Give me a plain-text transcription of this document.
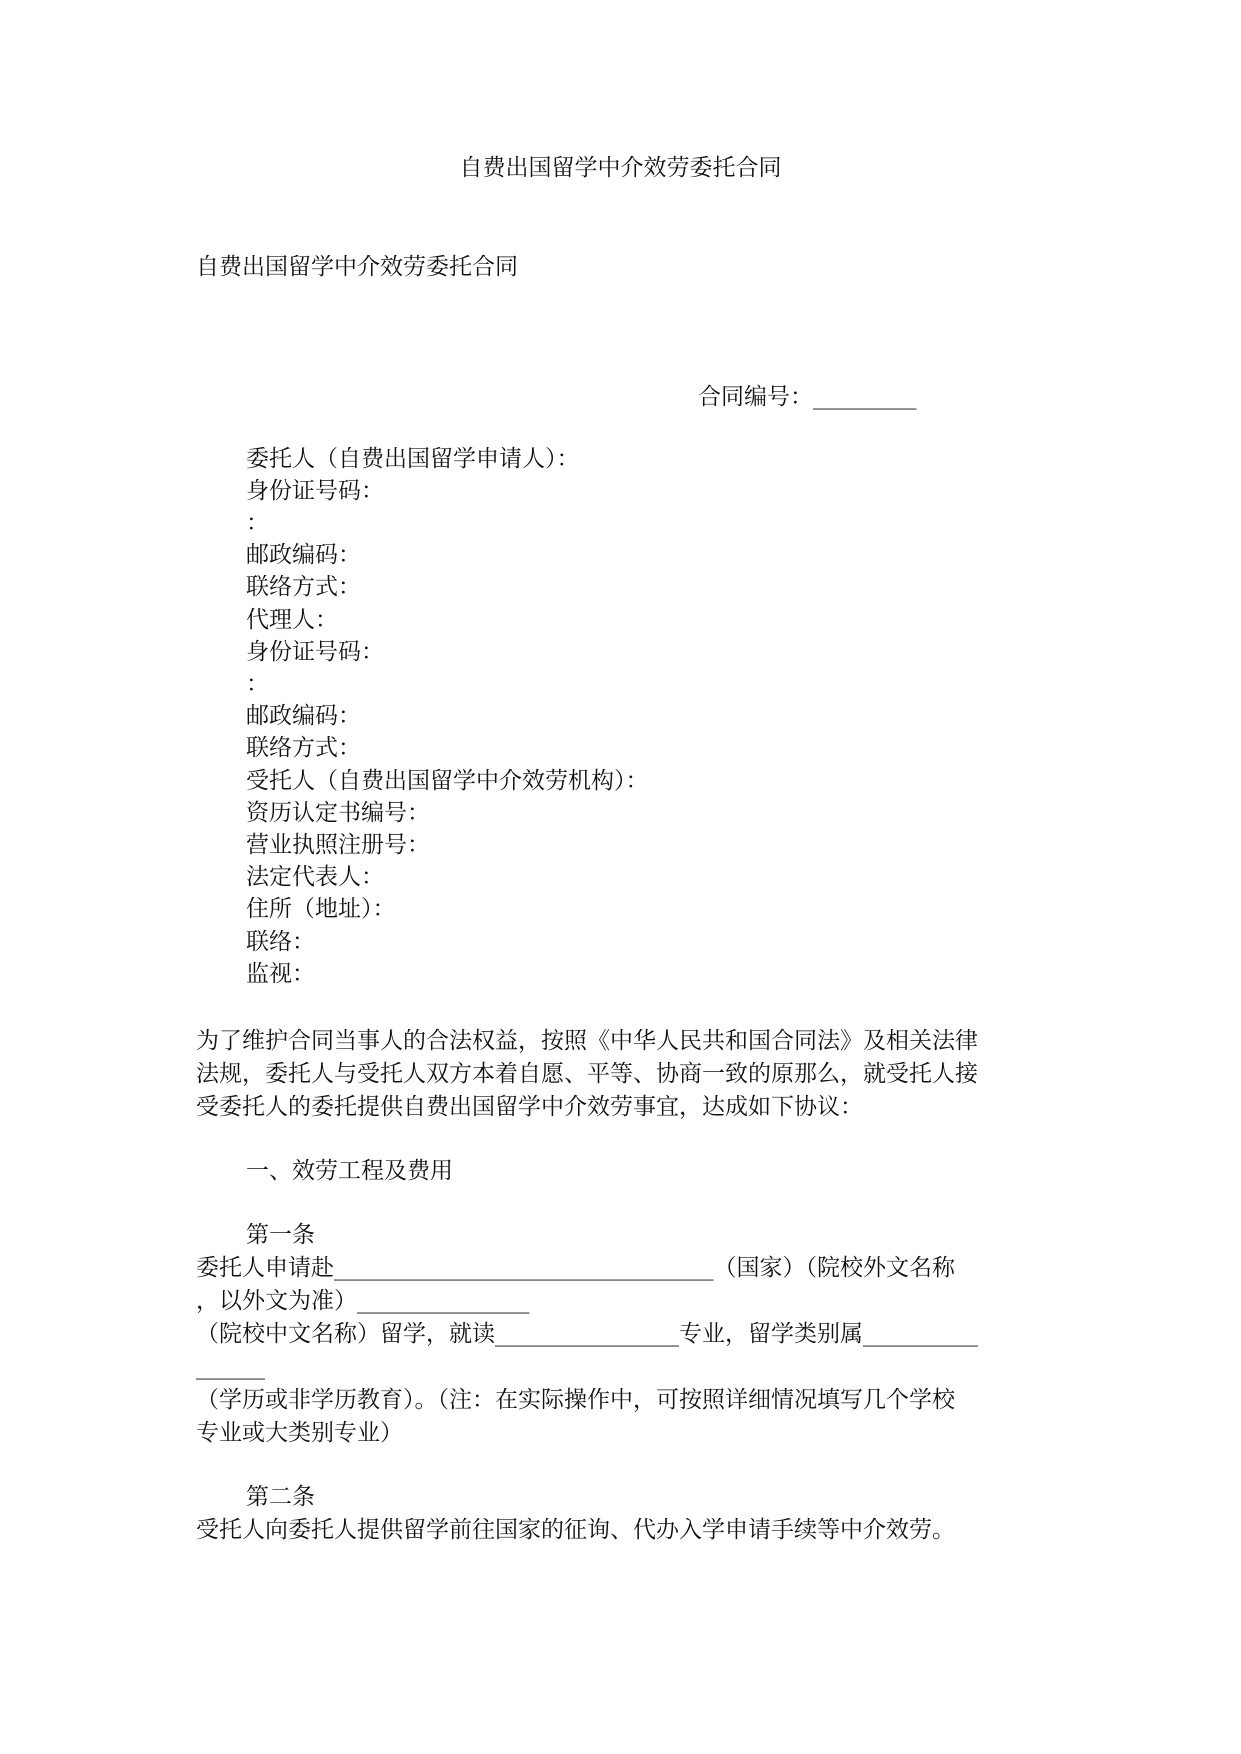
自费出国留学中介效劳委托合同
自费出国留学中介效劳委托合同
合同编号：_________
委托人（自费出国留学申请人）：
身份证号码：
：
邮政编码：
联络方式：
代理人：
身份证号码：
：
邮政编码：
联络方式：
受托人（自费出国留学中介效劳机构）：
资历认定书编号：
营业执照注册号：
法定代表人：
住所（地址）：
联络：
监视：
为了维护合同当事人的合法权益，按照《中华人民共和国合同法》及相关法律
法规，委托人与受托人双方本着自愿、平等、协商一致的原那么，就受托人接
受委托人的委托提供自费出国留学中介效劳事宜，达成如下协议：
一、效劳工程及费用
第一条
委托人申请赴_________________________________（国家）（院校外文名称
，以外文为准）_______________
（院校中文名称）留学，就读________________专业，留学类别属__________
______
（学历或非学历教育）。（注：在实际操作中，可按照详细情况填写几个学校
专业或大类别专业）
第二条
受托人向委托人提供留学前往国家的征询、代办入学申请手续等中介效劳。
